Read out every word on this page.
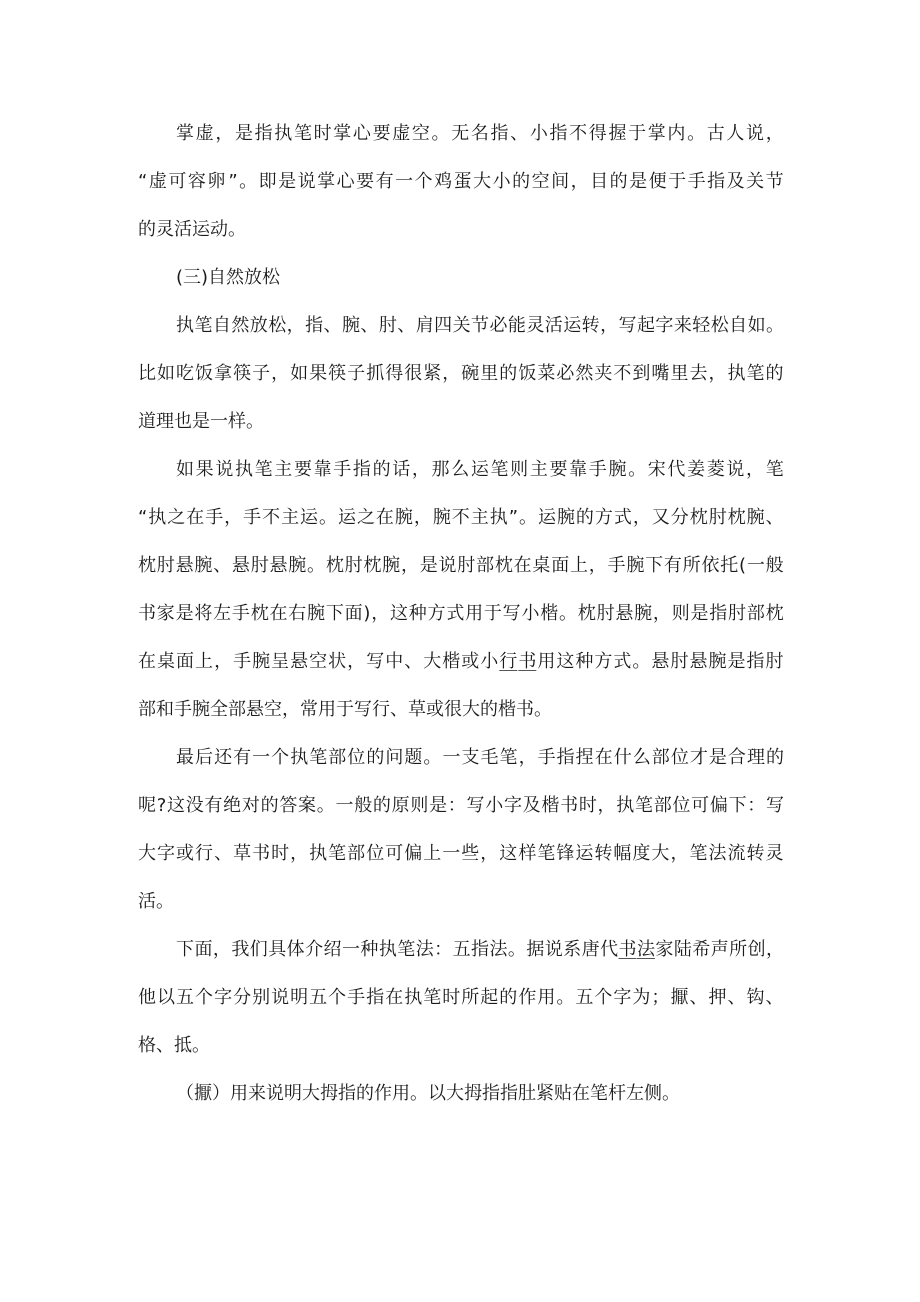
掌 虚 ， 是 指 执 笔 时 掌 心 要 虚 空 。 无 名 指 、 小 指 不 得 握 于 掌 内 。 古 人 说 ，
“ 虚 可 容 卵 ” 。 即 是 说 掌 心 要 有 一 个 鸡 蛋 大 小 的 空 间 ， 目 的 是 便 于 手 指 及 关 节
的灵活运动。
(三)自然放松
执 笔 自 然 放 松 ， 指 、 腕 、 肘 、 肩 四 关 节 必 能 灵 活 运 转 ， 写 起 字 来 轻 松 自 如 。
比 如 吃 饭 拿 筷 子 ， 如 果 筷 子 抓 得 很 紧 ， 碗 里 的 饭 菜 必 然 夹 不 到 嘴 里 去 ， 执 笔 的
道理也是一样。
如 果 说 执 笔 主 要 靠 手 指 的 话 ， 那 么 运 笔 则 主 要 靠 手 腕 。 宋 代 姜 菱 说 ， 笔
“ 执 之 在 手 ， 手 不 主 运 。 运 之 在 腕 ， 腕 不 主 执 ” 。 运 腕 的 方 式 ， 又 分 枕 肘 枕 腕 、
枕 肘 悬 腕 、 悬 肘 悬 腕 。 枕 肘 枕 腕 ， 是 说 肘 部 枕 在 桌 面 上 ， 手 腕 下 有 所 依 托 ( 一 般
书 家 是 将 左 手 枕 在 右 腕 下 面 ) ， 这 种 方 式 用 于 写 小 楷 。 枕 肘 悬 腕 ， 则 是 指 肘 部 枕
在 桌 面 上 ， 手 腕 呈 悬 空 状 ， 写 中 、 大 楷 或 小 行 书 用 这 种 方 式 。 悬 肘 悬 腕 是 指 肘
部和手腕全部悬空，常用于写行、草或很大的楷书。
最 后 还 有 一 个 执 笔 部 位 的 问 题 。 一 支 毛 笔 ， 手 指 捏 在 什 么 部 位 才 是 合 理 的
呢 ? 这 没 有 绝 对 的 答 案 。 一 般 的 原 则 是 ： 写 小 字 及 楷 书 时 ， 执 笔 部 位 可 偏 下 ： 写
大 字 或 行 、 草 书 时 ， 执 笔 部 位 可 偏 上 一 些 ， 这 样 笔 锋 运 转 幅 度 大 ， 笔 法 流 转 灵
活。
下 面 ， 我 们 具 体 介 绍 一 种 执 笔 法 ： 五 指 法 。 据 说 系 唐 代 书 法 家 陆 希 声 所 创 ，
他 以 五 个 字 分 别 说 明 五 个 手 指 在 执 笔 时 所 起 的 作 用 。 五 个 字 为 ； 擫 、 押 、 钩 、
格、抵。
（擫）用来说明大拇指的作用。以大拇指指肚紧贴在笔杆左侧。
